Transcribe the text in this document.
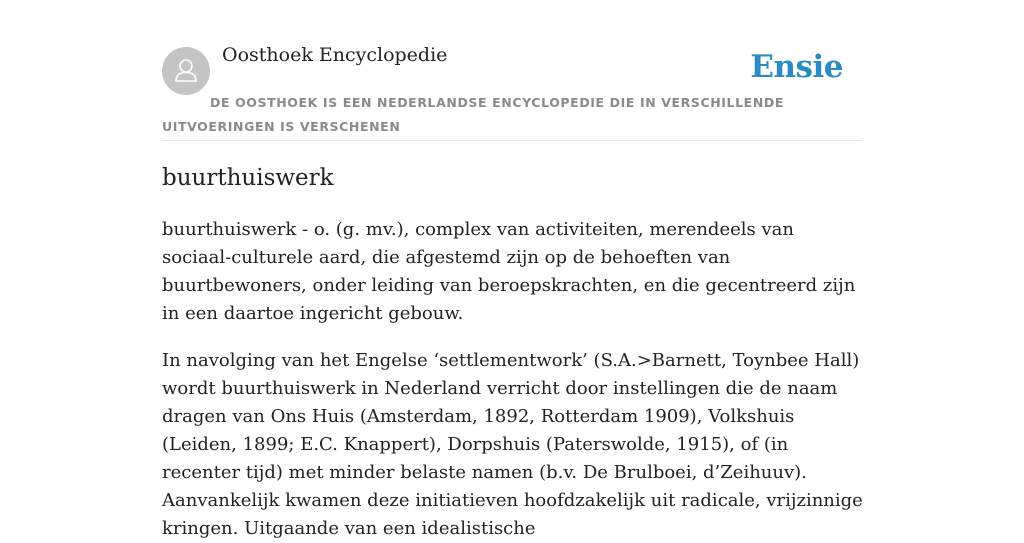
Oosthoek Encyclopedie	Ensie
DE OOSTHOEK IS EEN NEDERLANDSE ENCYCLOPEDIE DIE IN VERSCHILLENDE UITVOERINGEN IS VERSCHENEN
buurthuiswerk

buurthuiswerk - o. (g. mv.), complex van activiteiten, merendeels van sociaal-culturele aard, die afgestemd zijn op de behoeften van buurtbewoners, onder leiding van beroepskrachten, en die gecentreerd zijn in een daartoe ingericht gebouw.

In navolging van het Engelse ‘settlementwork’ (S.A.>Barnett, Toynbee Hall) wordt buurthuiswerk in Nederland verricht door instellingen die de naam dragen van Ons Huis (Amsterdam, 1892, Rotterdam 1909), Volkshuis (Leiden, 1899; E.C. Knappert), Dorpshuis (Paterswolde, 1915), of (in recenter tijd) met minder belaste namen (b.v. De Brulboei, d’Zeihuuv). Aanvankelijk kwamen deze initiatieven hoofdzakelijk uit radicale, vrijzinnige kringen. Uitgaande van een idealistische
